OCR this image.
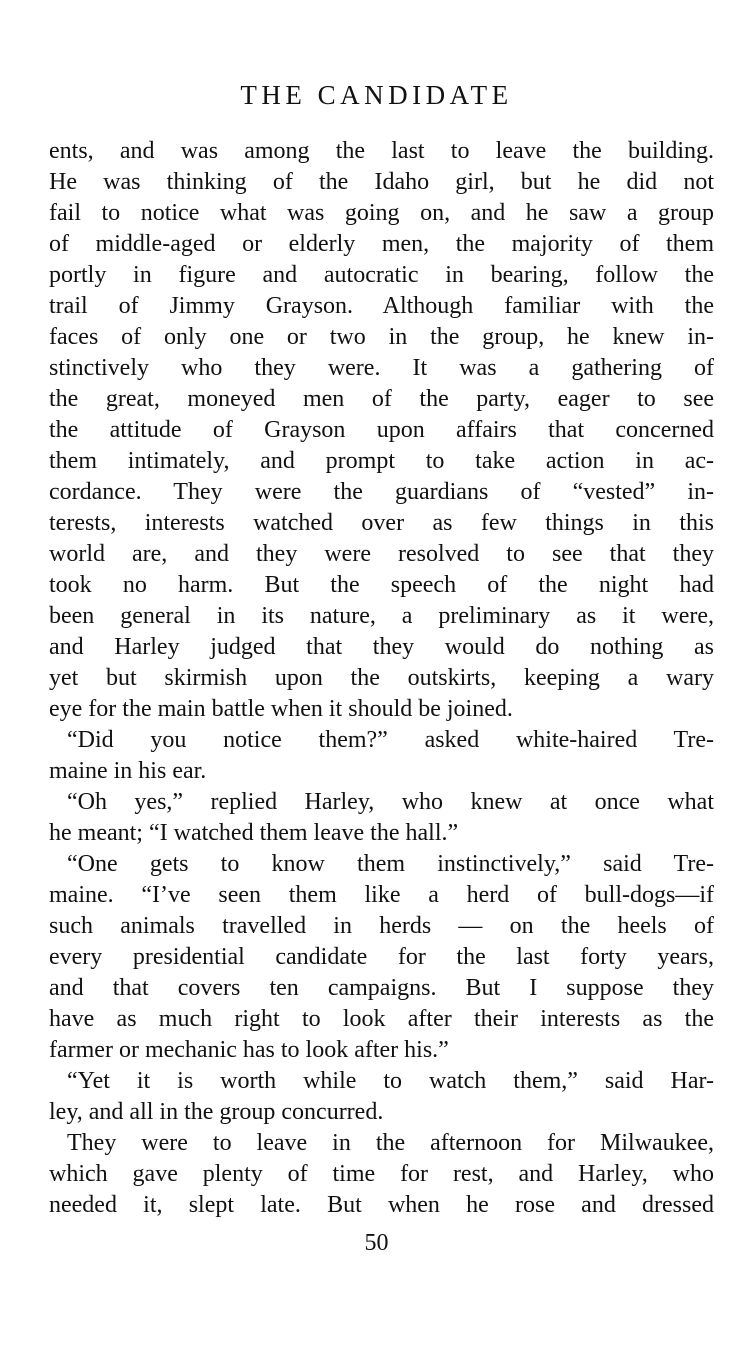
THE CANDIDATE
ents, and was among the last to leave the building.
He was thinking of the Idaho girl, but he did not
fail to notice what was going on, and he saw a group
of middle-aged or elderly men, the majority of them
portly in figure and autocratic in bearing, follow the
trail of Jimmy Grayson. Although familiar with the
faces of only one or two in the group, he knew in-
stinctively who they were. It was a gathering of
the great, moneyed men of the party, eager to see
the attitude of Grayson upon affairs that concerned
them intimately, and prompt to take action in ac-
cordance. They were the guardians of “vested” in-
terests, interests watched over as few things in this
world are, and they were resolved to see that they
took no harm. But the speech of the night had
been general in its nature, a preliminary as it were,
and Harley judged that they would do nothing as
yet but skirmish upon the outskirts, keeping a wary
eye for the main battle when it should be joined.
“Did you notice them?” asked white-haired Tre-
maine in his ear.
“Oh yes,” replied Harley, who knew at once what
he meant; “I watched them leave the hall.”
“One gets to know them instinctively,” said Tre-
maine. “I’ve seen them like a herd of bull-dogs—if
such animals travelled in herds — on the heels of
every presidential candidate for the last forty years,
and that covers ten campaigns. But I suppose they
have as much right to look after their interests as the
farmer or mechanic has to look after his.”
“Yet it is worth while to watch them,” said Har-
ley, and all in the group concurred.
They were to leave in the afternoon for Milwaukee,
which gave plenty of time for rest, and Harley, who
needed it, slept late. But when he rose and dressed
50
